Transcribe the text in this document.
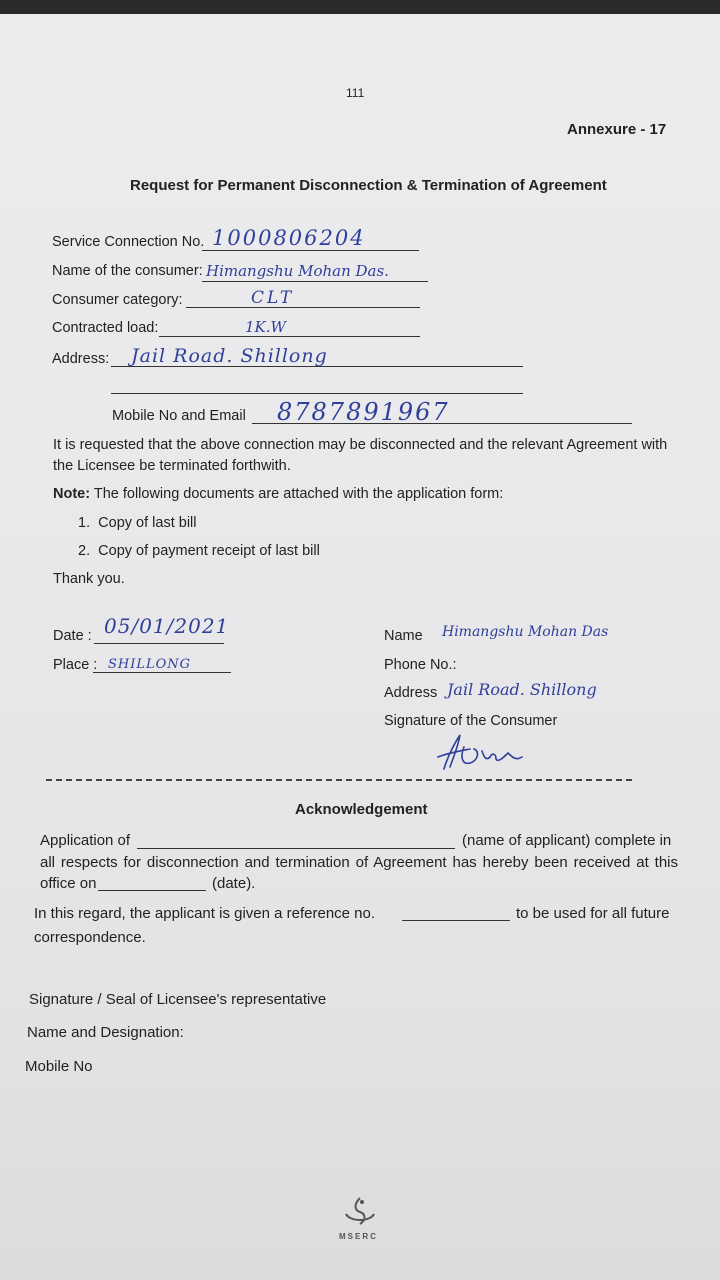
111
Annexure - 17
Request for Permanent Disconnection & Termination of Agreement
Service Connection No. 1000806204
Name of the consumer: Himangshu Mohan Das.
Consumer category:	CLT
Contracted load:	1K.W
Address: Jail Road. Shillong
Mobile No and Email 8787891967
It is requested that the above connection may be disconnected and the relevant Agreement with
the Licensee be terminated forthwith.
Note: The following documents are attached with the application form:
1. Copy of last bill
2. Copy of payment receipt of last bill
Thank you.
Date : 05/01/2021
Place : SHILLONG
Name Himangshu Mohan Das
Phone No.:
Address Jail Road. Shillong
Signature of the Consumer
Acknowledgement
Application of	(name of applicant) complete in
all respects for disconnection and termination of Agreement has hereby been received at this
office on	(date).
In this regard, the applicant is given a reference no.	to be used for all future
correspondence.
Signature / Seal of Licensee's representative
Name and Designation:
Mobile No
MSERC
